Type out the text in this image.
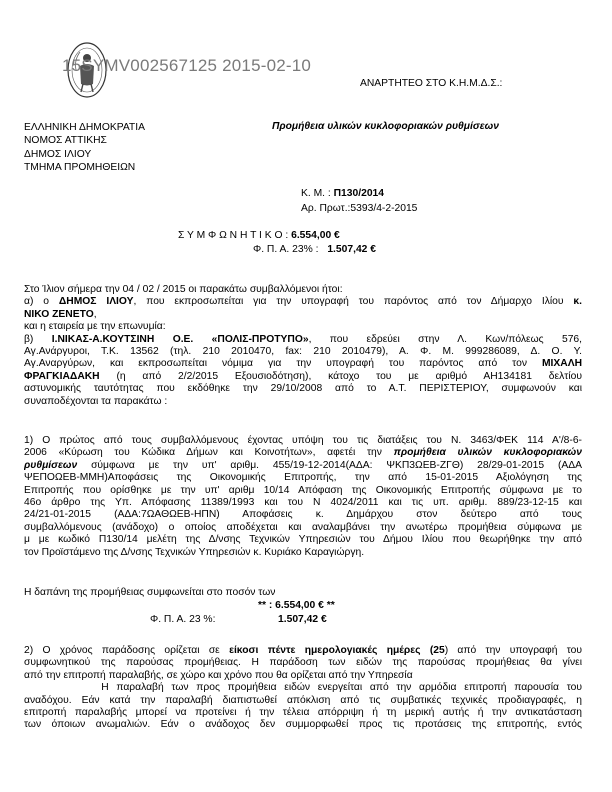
15SYMV002567125 2015-02-10
ΑΝΑΡΤΗΤΕΟ ΣΤΟ Κ.Η.Μ.Δ.Σ.:
ΕΛΛΗΝΙΚΗ ΔΗΜΟΚΡΑΤΙΑ
ΝΟΜΟΣ ΑΤΤΙΚΗΣ
ΔΗΜΟΣ ΙΛΙΟΥ
ΤΜΗΜΑ ΠΡΟΜΗΘΕΙΩΝ
Προμήθεια υλικών κυκλοφοριακών ρυθμίσεων
Κ. Μ. : Π130/2014
Αρ. Πρωτ.:5393/4-2-2015
Σ Υ Μ Φ Ω Ν Η Τ Ι Κ Ο : 6.554,00 €
Φ. Π. Α. 23% : 1.507,42 €
Στο Ίλιον σήμερα την 04 / 02 / 2015 οι παρακάτω συμβαλλόμενοι ήτοι:
α) ο ΔΗΜΟΣ ΙΛΙΟΥ, που εκπροσωπείται για την υπογραφή του παρόντος από τον Δήμαρχο Ιλίου κ.
ΝΙΚΟ ΖΕΝΕΤΟ,
και η εταιρεία με την επωνυμία:
β) Ι.ΝΙΚΑΣ-Α.ΚΟΥΤΣΙΝΗ Ο.Ε. «ΠΟΛΙΣ-ΠΡΟΤΥΠΟ», που εδρεύει στην Λ. Κων/πόλεως 576,
Αγ.Ανάργυροι, Τ.Κ. 13562 (τηλ. 210 2010470, fax: 210 2010479), Α. Φ. Μ. 999286089, Δ. Ο. Υ.
Αγ.Αναργύρων, και εκπροσωπείται νόμιμα για την υπογραφή του παρόντος από τον ΜΙΧΑΛΗ
ΦΡΑΓΚΙΑΔΑΚΗ (η από 2/2/2015 Εξουσιοδότηση), κάτοχο του με αριθμό ΑΗ134181 δελτίου
αστυνομικής ταυτότητας που εκδόθηκε την 29/10/2008 από το Α.Τ. ΠΕΡΙΣΤΕΡΙΟΥ, συμφωνούν και
συναποδέχονται τα παρακάτω :
1) Ο πρώτος από τους συμβαλλόμενους έχοντας υπόψη του τις διατάξεις του Ν. 3463/ΦΕΚ 114 Α'/8-6-
2006 «Κύρωση του Κώδικα Δήμων και Κοινοτήτων», αφετέι την προμήθεια υλικών κυκλοφοριακών
ρυθμίσεων σύμφωνα με την υπ' αριθμ. 455/19-12-2014(ΑΔΑ: ΨΚΠ3ΩΕΒ-ΖΓΘ) 28/29-01-2015 (ΑΔΑ
ΨΕΠΟΩΕΒ-ΜΜΗ)Αποφάσεις της Οικονομικής Επιτροπής, την από 15-01-2015 Αξιολόγηση της
Επιτροπής που ορίσθηκε με την υπ' αριθμ 10/14 Απόφαση της Οικονομικής Επιτροπής σύμφωνα με το
46ο άρθρο της Υπ. Απόφασης 11389/1993 και του Ν 4024/2011 και τις υπ. αριθμ. 889/23-12-15 και
24/21-01-2015 (ΑΔΑ:7ΩΑΘΩΕΒ-ΗΠΝ) Αποφάσεις κ. Δημάρχου στον δεύτερο από τους
συμβαλλόμενους (ανάδοχο) ο οποίος αποδέχεται και αναλαμβάνει την ανωτέρω προμήθεια σύμφωνα με
μ με κωδικό Π130/14 μελέτη της Δ/νσης Τεχνικών Υπηρεσιών του Δήμου Ιλίου που θεωρήθηκε την από
τον Προϊστάμενο της Δ/νσης Τεχνικών Υπηρεσιών κ. Κυριάκο Καραγιώργη.
Η δαπάνη της προμήθειας συμφωνείται στο ποσόν των
** : 6.554,00 € **
Φ. Π. Α. 23 %:	1.507,42 €
2) Ο χρόνος παράδοσης ορίζεται σε είκοσι πέντε ημερολογιακές ημέρες (25) από την υπογραφή του
συμφωνητικού της παρούσας προμήθειας. Η παράδοση των ειδών της παρούσας προμήθειας θα γίνει
από την επιτροπή παραλαβής, σε χώρο και χρόνο που θα ορίζεται από την Υπηρεσία
Η παραλαβή των προς προμήθεια ειδών ενεργείται από την αρμόδια επιτροπή παρουσία του
αναδόχου. Εάν κατά την παραλαβή διαπιστωθεί απόκλιση από τις συμβατικές τεχνικές προδιαγραφές, η
επιτροπή παραλαβής μπορεί να προτείνει ή την τέλεια απόρριψη ή τη μερική αυτής ή την αντικατάσταση
των όποιων ανωμαλιών. Εάν ο ανάδοχος δεν συμμορφωθεί προς τις προτάσεις της επιτροπής, εντός
